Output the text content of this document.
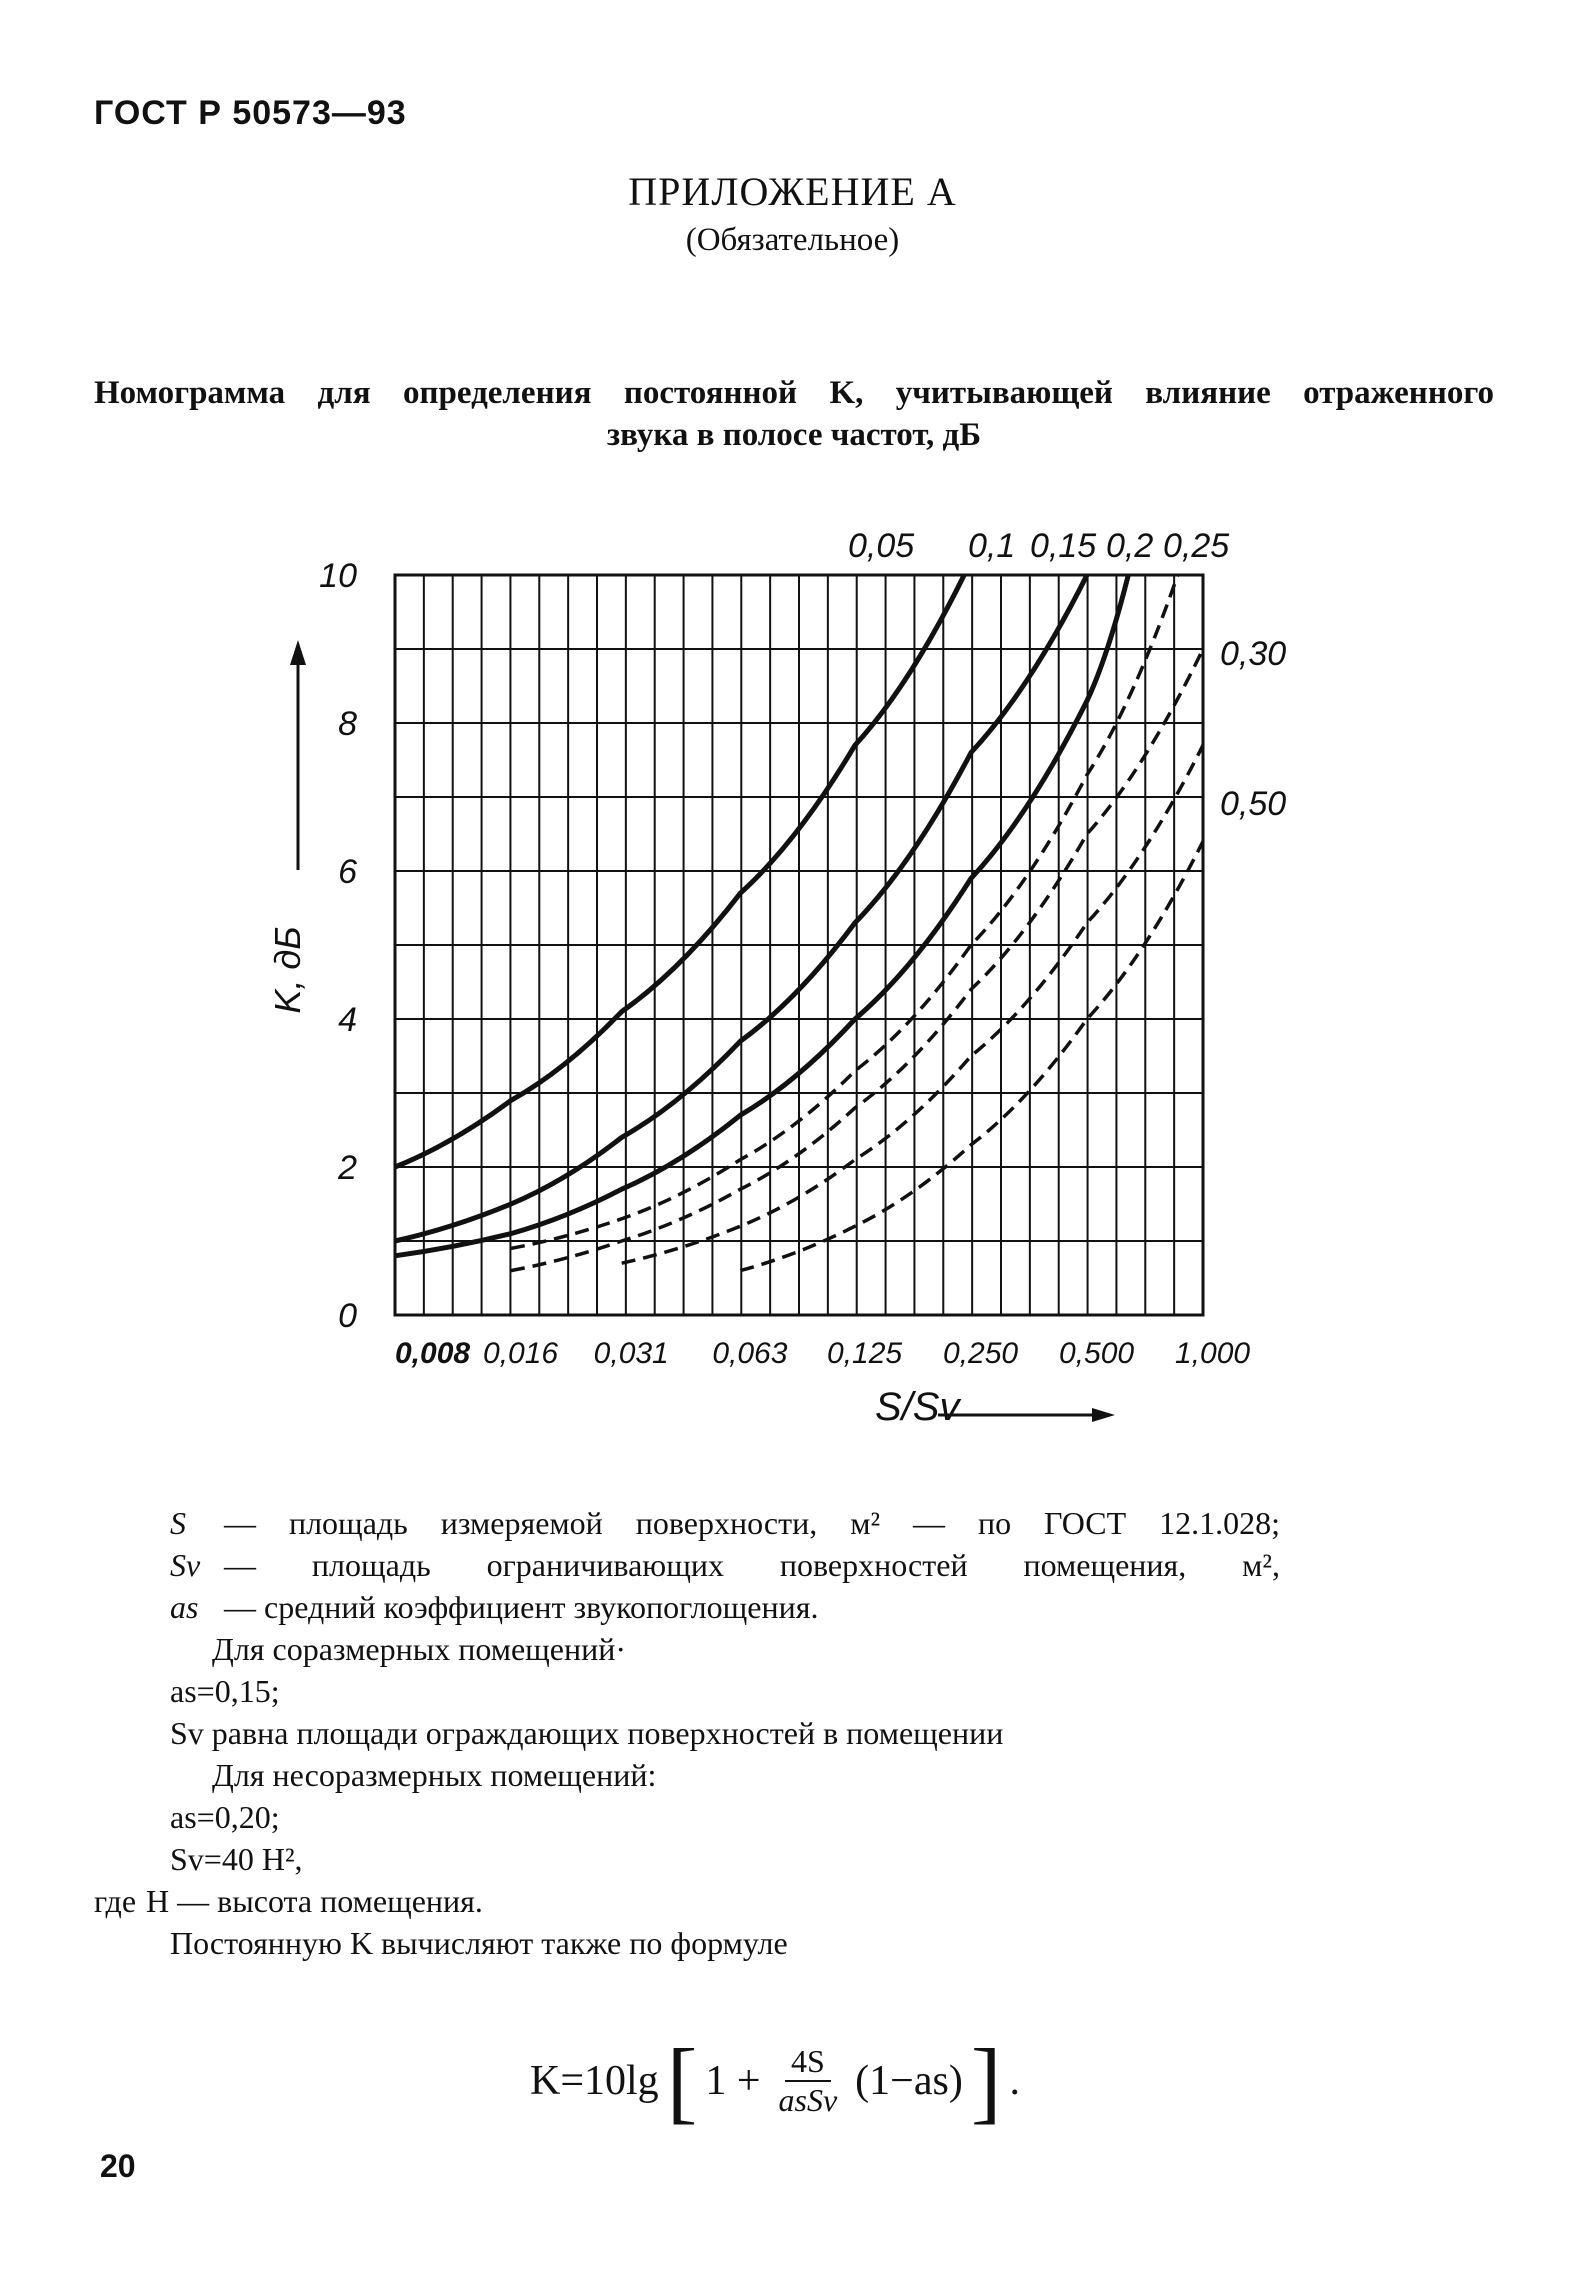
ГОСТ Р 50573—93
ПРИЛОЖЕНИЕ А
(Обязательное)
Номограмма для определения постоянной K, учитывающей влияние отраженного
звука в полосе частот, дБ
0,008 0,016 0,031 0,063 0,125 0,250 0,500 1,000
0
2
4
6
8
10
0,05 0,1 0,15 0,2 0,25
0,30
0,50
K, дБ
S/Sv
S	— площадь измеряемой поверхности, м² — по ГОСТ 12.1.028;
Sv — площадь ограничивающих поверхностей помещения, м²,
as — средний коэффициент звукопоглощения.
Для соразмерных помещений·
as=0,15;
Sv равна площади ограждающих поверхностей в помещении
Для несоразмерных помещений:
as=0,20;
Sv=40 H²,
где H — высота помещения.
Постоянную K вычисляют также по формуле
K=10lg [ $1 + \frac{4S}{\text{asSv}} (1-as)$ ] .
20
